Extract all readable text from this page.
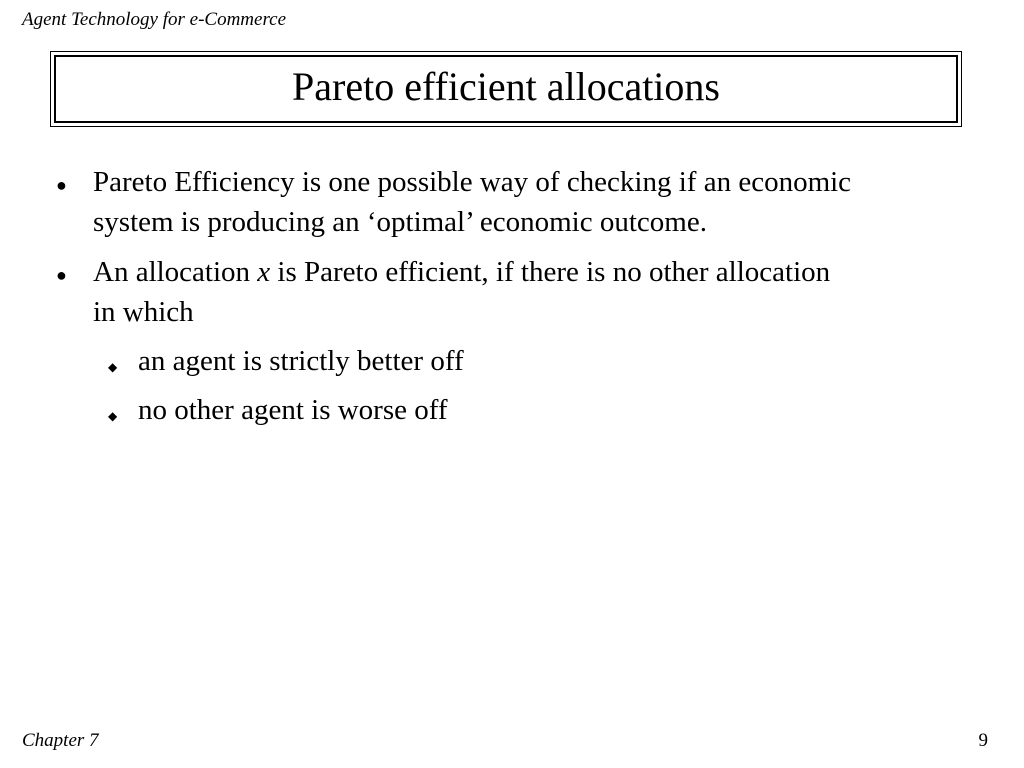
Agent Technology for e-Commerce
Pareto efficient allocations
● Pareto Efficiency is one possible way of checking if an economic
system is producing an ‘optimal’ economic outcome.
● An allocation x is Pareto efficient, if there is no other allocation
in which
◆ an agent is strictly better off
◆ no other agent is worse off
Chapter 7	9
